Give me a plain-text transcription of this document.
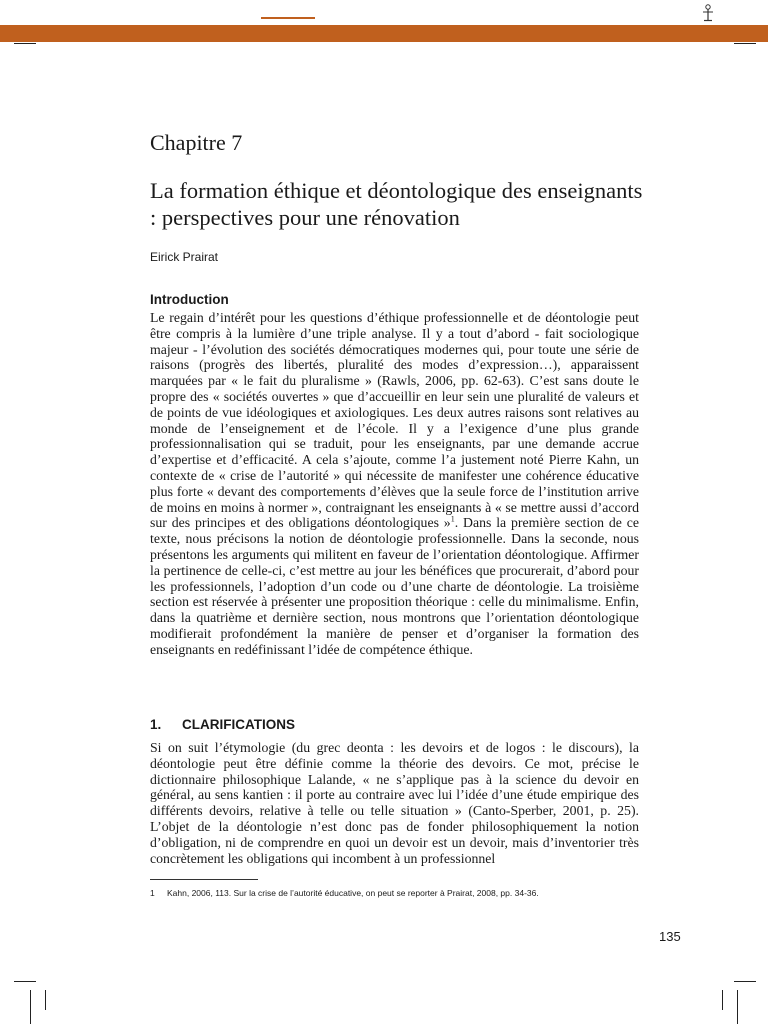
Chapitre 7
La formation éthique et déontologique des enseignants : perspectives pour une rénovation
Eirick Prairat
Introduction

Le regain d’intérêt pour les questions d’éthique professionnelle et de déontologie peut être compris à la lumière d’une triple analyse. Il y a tout d’abord - fait sociologique majeur - l’évolution des sociétés démocratiques modernes qui, pour toute une série de raisons (progrès des libertés, pluralité des modes d’expression…), apparaissent marquées par « le fait du pluralisme » (Rawls, 2006, pp. 62-63). C’est sans doute le propre des « sociétés ouvertes » que d’accueillir en leur sein une pluralité de valeurs et de points de vue idéologiques et axiologiques. Les deux autres raisons sont relatives au monde de l’enseignement et de l’école. Il y a l’exigence d’une plus grande professionnalisation qui se traduit, pour les enseignants, par une demande accrue d’expertise et d’efficacité. A cela s’ajoute, comme l’a justement noté Pierre Kahn, un contexte de « crise de l’autorité » qui nécessite de manifester une cohérence éducative plus forte « devant des comportements d’élèves que la seule force de l’institution arrive de moins en moins à normer », contraignant les enseignants à « se mettre aussi d’accord sur des principes et des obligations déontologiques »$^1$. Dans la première section de ce texte, nous précisons la notion de déontologie professionnelle. Dans la seconde, nous présentons les arguments qui militent en faveur de l’orientation déontologique. Affirmer la pertinence de celle-ci, c’est mettre au jour les bénéfices que procurerait, d’abord pour les professionnels, l’adoption d’un code ou d’une charte de déontologie. La troisième section est réservée à présenter une proposition théorique : celle du minimalisme. Enfin, dans la quatrième et dernière section, nous montrons que l’orientation déontologique modifierait profondément la manière de penser et d’organiser la formation des enseignants en redéfinissant l’idée de compétence éthique.

1. CLARIFICATIONS

Si on suit l’étymologie (du grec deonta : les devoirs et de logos : le discours), la déontologie peut être définie comme la théorie des devoirs. Ce mot, précise le dictionnaire philosophique Lalande, « ne s’applique pas à la science du devoir en général, au sens kantien : il porte au contraire avec lui l’idée d’une étude empirique des différents devoirs, relative à telle ou telle situation » (Canto-Sperber, 2001, p. 25). L’objet de la déontologie n’est donc pas de fonder philosophiquement la notion d’obligation, ni de comprendre en quoi un devoir est un devoir, mais d’inventorier très concrètement les obligations qui incombent à un professionnel

1 Kahn, 2006, 113. Sur la crise de l’autorité éducative, on peut se reporter à Prairat, 2008, pp. 34-36.
135
